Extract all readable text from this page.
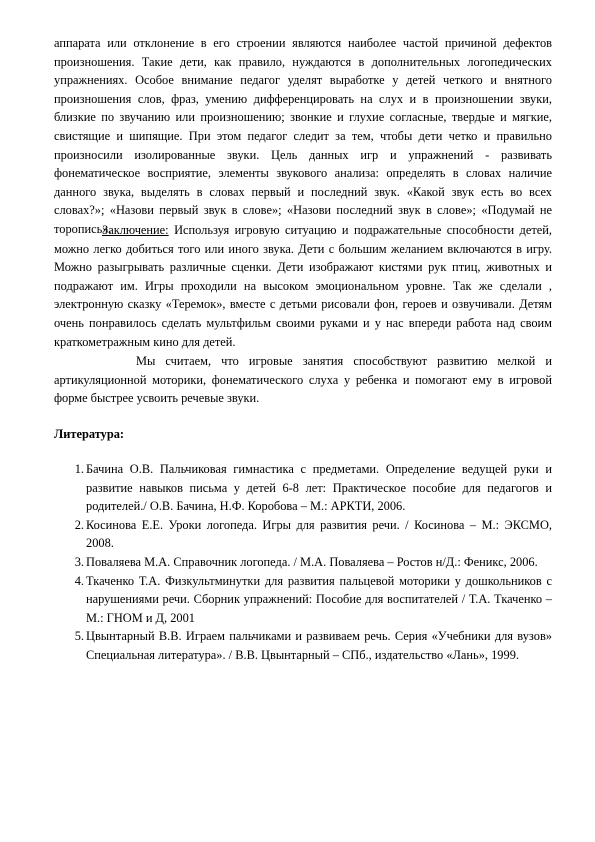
аппарата или отклонение в его строении являются наиболее частой причиной дефектов произношения. Такие дети, как правило, нуждаются в дополнительных логопедических упражнениях. Особое внимание педагог уделят выработке у детей четкого и внятного произношения слов, фраз, умению дифференцировать на слух и в произношении звуки, близкие по звучанию или произношению; звонкие и глухие согласные, твердые и мягкие, свистящие и шипящие. При этом педагог следит за тем, чтобы дети четко и правильно произносили изолированные звуки. Цель данных игр и упражнений - развивать фонематическое восприятие, элементы звукового анализа: определять в словах наличие данного звука, выделять в словах первый и последний звук. «Какой звук есть во всех словах?»; «Назови первый звук в слове»; «Назови последний звук в слове»; «Подумай не торопись».
Заключение: Используя игровую ситуацию и подражательные способности детей, можно легко добиться того или иного звука. Дети с большим желанием включаются в игру. Можно разыгрывать различные сценки. Дети изображают кистями рук птиц, животных и подражают им. Игры проходили на высоком эмоциональном уровне. Так же сделали , электронную сказку «Теремок», вместе с детьми рисовали фон, героев и озвучивали. Детям очень понравилось сделать мультфильм своими руками и у нас впереди работа над своим краткометражным кино для детей.
Мы считаем, что игровые занятия способствуют развитию мелкой и артикуляционной моторики, фонематического слуха у ребенка и помогают ему в игровой форме быстрее усвоить речевые звуки.
Литература:
1. Бачина О.В. Пальчиковая гимнастика с предметами. Определение ведущей руки и развитие навыков письма у детей 6-8 лет: Практическое пособие для педагогов и родителей./ О.В. Бачина, Н.Ф. Коробова – М.: АРКТИ, 2006.
2. Косинова Е.Е. Уроки логопеда. Игры для развития речи. / Косинова – М.: ЭКСМО, 2008.
3. Поваляева М.А. Справочник логопеда. / М.А. Поваляева – Ростов н/Д.: Феникс, 2006.
4. Ткаченко Т.А. Физкультминутки для развития пальцевой моторики у дошкольников с нарушениями речи. Сборник упражнений: Пособие для воспитателей / Т.А. Ткаченко – М.: ГНОМ и Д, 2001
5. Цвынтарный В.В. Играем пальчиками и развиваем речь. Серия «Учебники для вузов» Специальная литература». / В.В. Цвынтарный – СПб., издательство «Лань», 1999.
